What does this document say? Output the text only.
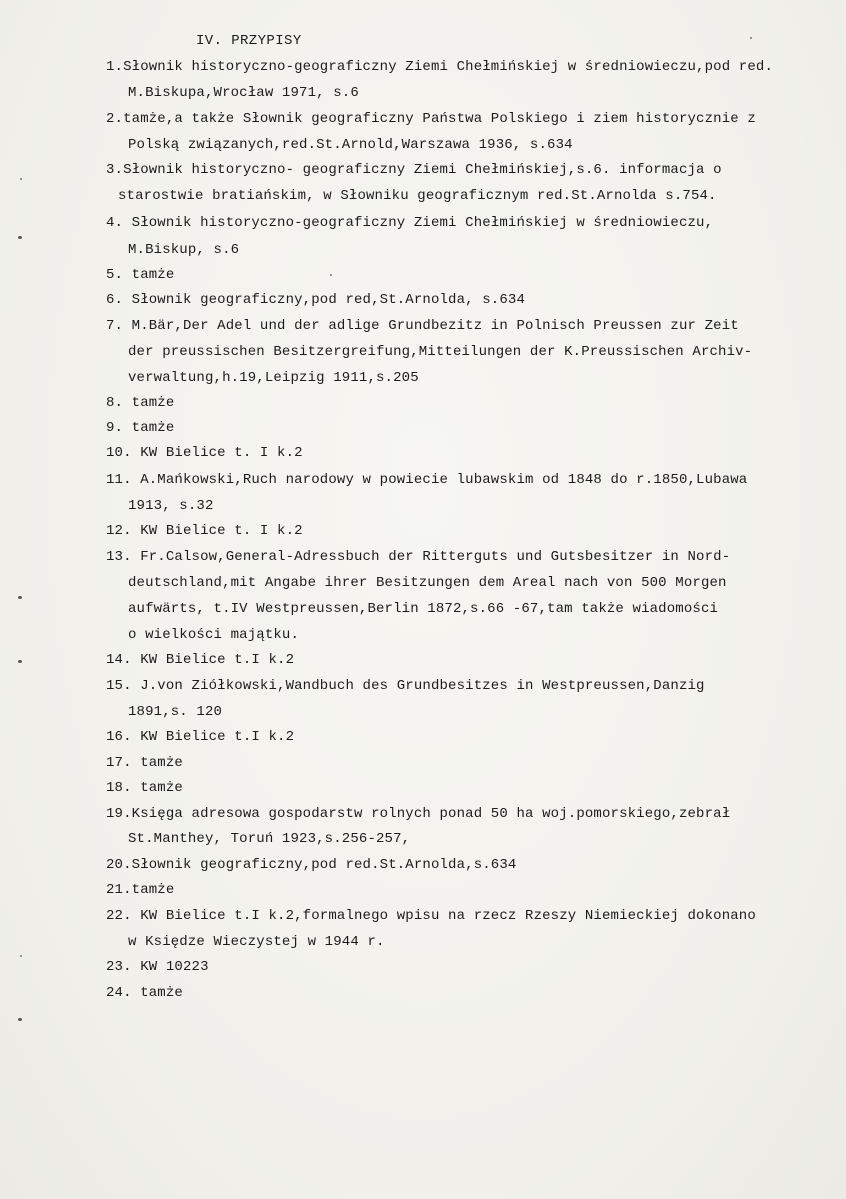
IV. PRZYPISY
1.Słownik historyczno-geograficzny Ziemi Chełmińskiej w średniowieczu,pod red.
M.Biskupa,Wrocław 1971, s.6
2.tamże,a także Słownik geograficzny Państwa Polskiego i ziem historycznie z
Polską związanych,red.St.Arnold,Warszawa 1936, s.634
3.Słownik historyczno- geograficzny Ziemi Chełmińskiej,s.6. informacja o
starostwie bratiańskim, w Słowniku geograficznym red.St.Arnolda s.754.
4. Słownik historyczno-geograficzny Ziemi Chełmińskiej w średniowieczu,
M.Biskup, s.6
5. tamże
6. Słownik geograficzny,pod red,St.Arnolda, s.634
7. M.Bär,Der Adel und der adlige Grundbezitz in Polnisch Preussen zur Zeit
der preussischen Besitzergreifung,Mitteilungen der K.Preussischen Archiv-
verwaltung,h.19,Leipzig 1911,s.205
8. tamże
9. tamże
10. KW Bielice t. I k.2
11. A.Mańkowski,Ruch narodowy w powiecie lubawskim od 1848 do r.1850,Lubawa
1913, s.32
12. KW Bielice t. I k.2
13. Fr.Calsow,General-Adressbuch der Ritterguts und Gutsbesitzer in Nord-
deutschland,mit Angabe ihrer Besitzungen dem Areal nach von 500 Morgen
aufwärts, t.IV Westpreussen,Berlin 1872,s.66 -67,tam także wiadomości
o wielkości majątku.
14. KW Bielice t.I k.2
15. J.von Ziółkowski,Wandbuch des Grundbesitzes in Westpreussen,Danzig
1891,s. 120
16. KW Bielice t.I k.2
17. tamże
18. tamże
19.Księga adresowa gospodarstw rolnych ponad 50 ha woj.pomorskiego,zebrał
St.Manthey, Toruń 1923,s.256-257,
20.Słownik geograficzny,pod red.St.Arnolda,s.634
21.tamże
22. KW Bielice t.I k.2,formalnego wpisu na rzecz Rzeszy Niemieckiej dokonano
w Księdze Wieczystej w 1944 r.
23. KW 10223
24. tamże
